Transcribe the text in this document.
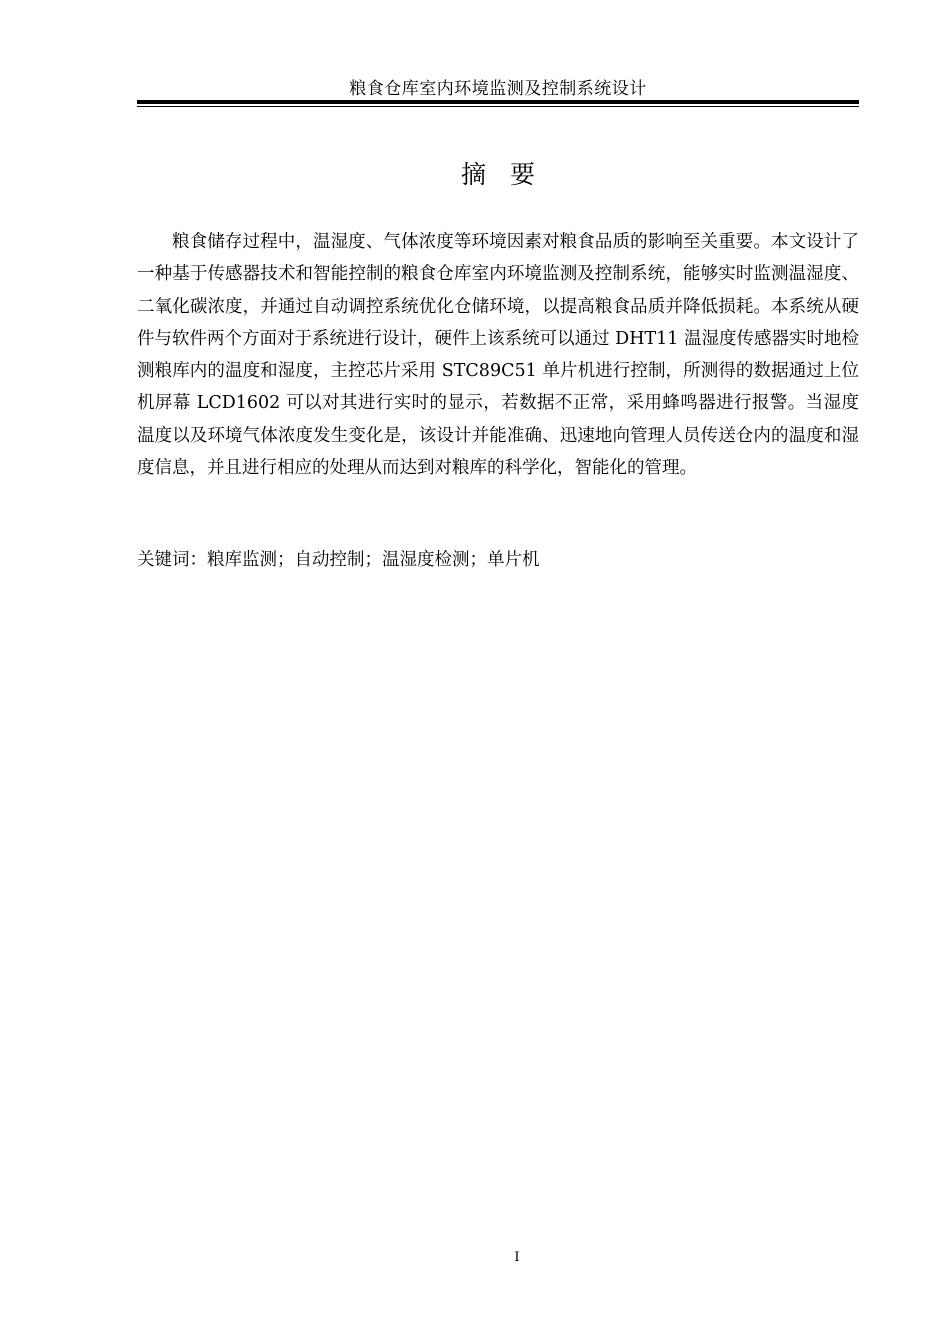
粮食仓库室内环境监测及控制系统设计
摘要

粮食储存过程中，温湿度、气体浓度等环境因素对粮食品质的影响至关重要。本文设计了一种基于传感器技术和智能控制的粮食仓库室内环境监测及控制系统，能够实时监测温湿度、二氧化碳浓度，并通过自动调控系统优化仓储环境，以提高粮食品质并降低损耗。本系统从硬件与软件两个方面对于系统进行设计，硬件上该系统可以通过 DHT11 温湿度传感器实时地检测粮库内的温度和湿度，主控芯片采用 STC89C51 单片机进行控制，所测得的数据通过上位机屏幕 LCD1602 可以对其进行实时的显示，若数据不正常，采用蜂鸣器进行报警。当湿度温度以及环境气体浓度发生变化是，该设计并能准确、迅速地向管理人员传送仓内的温度和湿度信息，并且进行相应的处理从而达到对粮库的科学化，智能化的管理。

关键词：粮库监测；自动控制；温湿度检测；单片机

I
